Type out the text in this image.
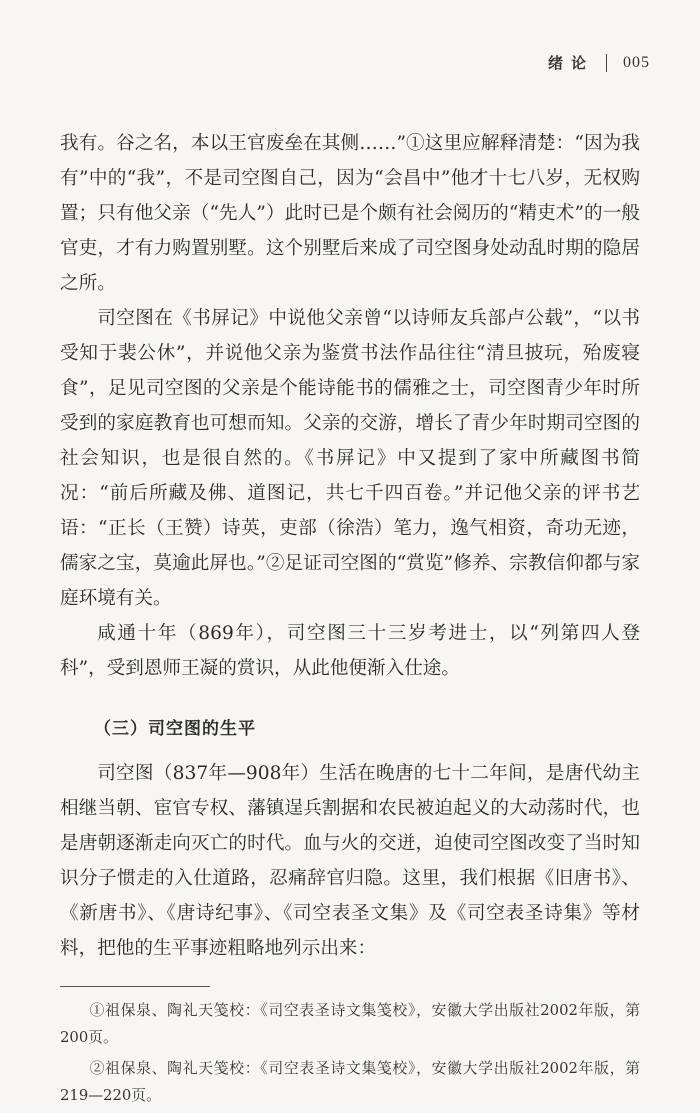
绪论 005

我有。谷之名，本以王官废垒在其侧……”①这里应解释清楚：“因为我有”中的“我”，不是司空图自己，因为“会昌中”他才十七八岁，无权购置；只有他父亲（“先人”）此时已是个颇有社会阅历的“精吏术”的一般官吏，才有力购置别墅。这个别墅后来成了司空图身处动乱时期的隐居之所。

司空图在《书屏记》中说他父亲曾“以诗师友兵部卢公载”，“以书受知于裴公休”，并说他父亲为鉴赏书法作品往往“清旦披玩，殆废寝食”，足见司空图的父亲是个能诗能书的儒雅之士，司空图青少年时所受到的家庭教育也可想而知。父亲的交游，增长了青少年时期司空图的社会知识，也是很自然的。《书屏记》中又提到了家中所藏图书简况：“前后所藏及佛、道图记，共七千四百卷。”并记他父亲的评书艺语：“正长（王赞）诗英，吏部（徐浩）笔力，逸气相资，奇功无迹，儒家之宝，莫逾此屏也。”②足证司空图的“赏览”修养、宗教信仰都与家庭环境有关。

咸通十年（869年），司空图三十三岁考进士，以“列第四人登科”，受到恩师王凝的赏识，从此他便渐入仕途。

（三）司空图的生平

司空图（837年—908年）生活在晚唐的七十二年间，是唐代幼主相继当朝、宦官专权、藩镇逞兵割据和农民被迫起义的大动荡时代，也是唐朝逐渐走向灭亡的时代。血与火的交迸，迫使司空图改变了当时知识分子惯走的入仕道路，忍痛辞官归隐。这里，我们根据《旧唐书》、《新唐书》、《唐诗纪事》、《司空表圣文集》及《司空表圣诗集》等材料，把他的生平事迹粗略地列示出来：

①祖保泉、陶礼天笺校：《司空表圣诗文集笺校》，安徽大学出版社2002年版，第200页。

②祖保泉、陶礼天笺校：《司空表圣诗文集笺校》，安徽大学出版社2002年版，第219—220页。
